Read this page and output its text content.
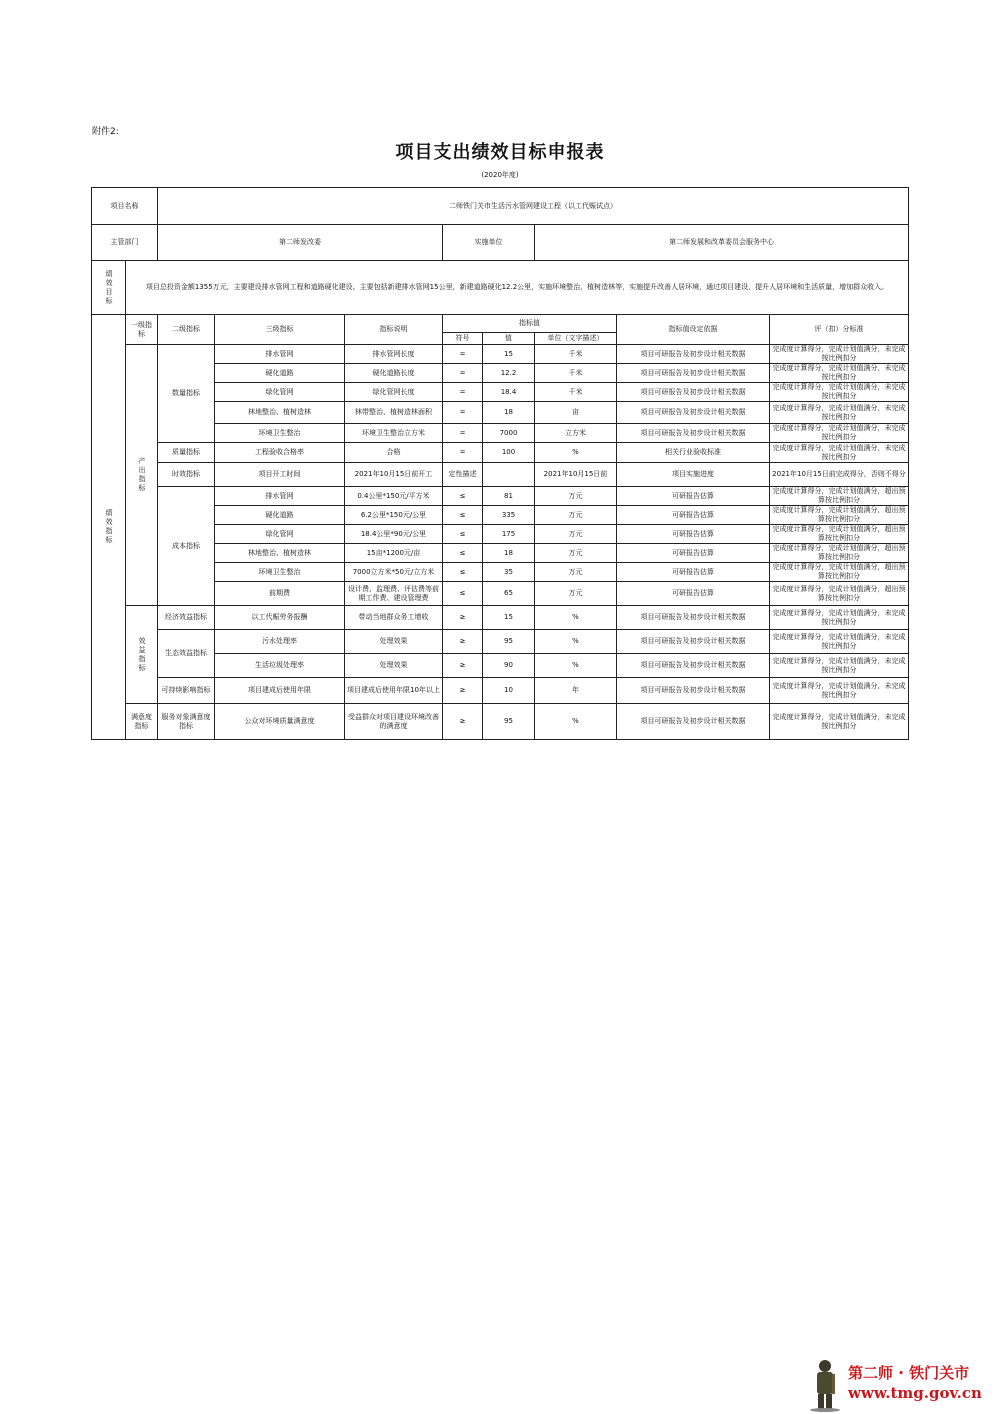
附件2:
项目支出绩效目标申报表
(2020年度)
项目名称		二师铁门关市生活污水管网建设工程（以工代赈试点）							
主管部门		第二师发改委			实施单位		第二师发展和改革委员会服务中心		

绩效目标	项目总投资金额1355万元，主要建设排水管网工程和道路硬化建设。主要包括新建排水管网15公里，新建道路硬化12.2公里，实施环境整治，植树造林等，实施提升改善人居环境，通过项目建设，提升人居环境和生活质量，增加群众收入。								

绩效指标	一级指标	二级指标	三级指标	指标说明	指标值			指标值设定依据	评（扣）分标准
					符号	值	单位（文字描述）		

	产出指标	数量指标	排水管网	排水管网长度	=	15	千米	项目可研报告及初步设计相关数据	完成度计算得分，完成计划值满分，未完成按比例扣分
			硬化道路	硬化道路长度	=	12.2	千米	项目可研报告及初步设计相关数据	完成度计算得分，完成计划值满分，未完成按比例扣分
			绿化管网	绿化管网长度	=	18.4	千米	项目可研报告及初步设计相关数据	完成度计算得分，完成计划值满分，未完成按比例扣分
			林地整治、植树造林	林带整治、植树造林面积	=	18	亩	项目可研报告及初步设计相关数据	完成度计算得分，完成计划值满分，未完成按比例扣分
			环境卫生整治	环境卫生整治立方米	=	7000	立方米	项目可研报告及初步设计相关数据	完成度计算得分，完成计划值满分，未完成按比例扣分
		质量指标	工程验收合格率	合格	=	100	%	相关行业验收标准	完成度计算得分，完成计划值满分，未完成按比例扣分
		时效指标	项目开工时间	2021年10月15日前开工	定性描述		2021年10月15日前	项目实施进度	2021年10月15日前完成得分，否则不得分
		成本指标	排水管网	0.4公里*150元/平方米	≤	81	万元	可研报告估算	完成度计算得分，完成计划值满分，超出预算按比例扣分
			硬化道路	6.2公里*150元/公里	≤	335	万元	可研报告估算	完成度计算得分，完成计划值满分，超出预算按比例扣分
			绿化管网	18.4公里*90元/公里	≤	175	万元	可研报告估算	完成度计算得分，完成计划值满分，超出预算按比例扣分
			林地整治、植树造林	15亩*1200元/亩	≤	18	万元	可研报告估算	完成度计算得分，完成计划值满分，超出预算按比例扣分
			环境卫生整治	7000立方米*50元/立方米	≤	35	万元	可研报告估算	完成度计算得分，完成计划值满分，超出预算按比例扣分
			前期费	设计费、监理费、评估费等前期工作费、建设管理费	≤	65	万元	可研报告估算	完成度计算得分，完成计划值满分，超出预算按比例扣分

	效益指标	经济效益指标	以工代赈劳务报酬	带动当地群众务工增收	≥	15	%	项目可研报告及初步设计相关数据	完成度计算得分，完成计划值满分，未完成按比例扣分
		生态效益指标	污水处理率	处理效果	≥	95	%	项目可研报告及初步设计相关数据	完成度计算得分，完成计划值满分，未完成按比例扣分
			生活垃圾处理率	处理效果	≥	90	%	项目可研报告及初步设计相关数据	完成度计算得分，完成计划值满分，未完成按比例扣分
		可持续影响指标	项目建成后使用年限	项目建成后使用年限10年以上	≥	10	年	项目可研报告及初步设计相关数据	完成度计算得分，完成计划值满分，未完成按比例扣分
	满意度指标	服务对象满意度指标	公众对环境质量满意度	受益群众对项目建设环境改善的满意度	≥	95	%	项目可研报告及初步设计相关数据	完成度计算得分，完成计划值满分，未完成按比例扣分
第二师 · 铁门关市
www.tmg.gov.cn
